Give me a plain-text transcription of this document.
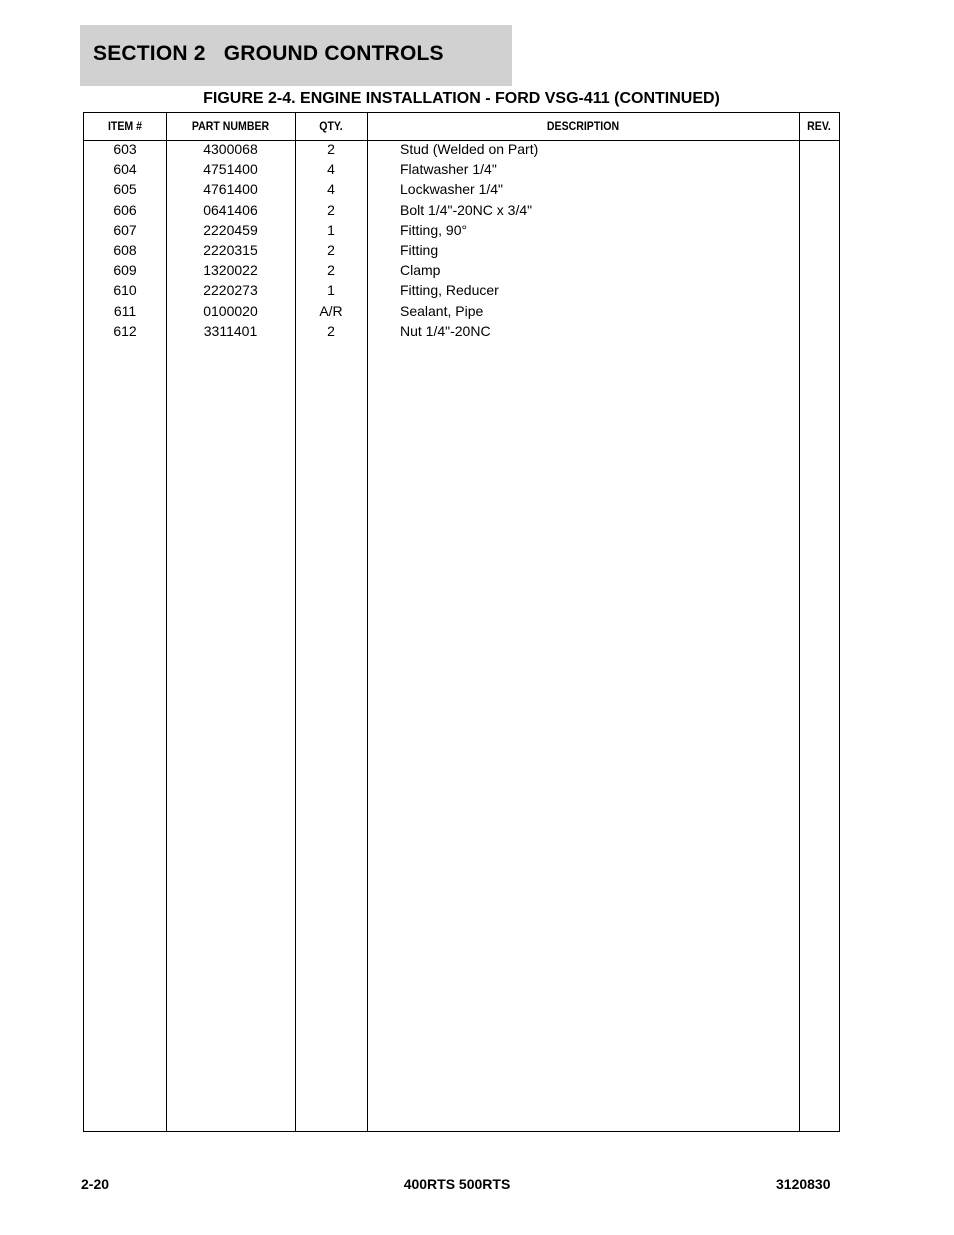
SECTION 2   GROUND CONTROLS
FIGURE 2-4. ENGINE INSTALLATION - FORD VSG-411 (CONTINUED)
ITEM #	PART NUMBER	QTY.	DESCRIPTION	REV.
603	4300068	2	Stud (Welded on Part)
604	4751400	4	Flatwasher 1/4"
605	4761400	4	Lockwasher 1/4"
606	0641406	2	Bolt 1/4"-20NC x 3/4"
607	2220459	1	Fitting, 90°
608	2220315	2	Fitting
609	1320022	2	Clamp
610	2220273	1	Fitting, Reducer
611	0100020	A/R	Sealant, Pipe
612	3311401	2	Nut 1/4"-20NC
2-20	400RTS 500RTS	3120830
